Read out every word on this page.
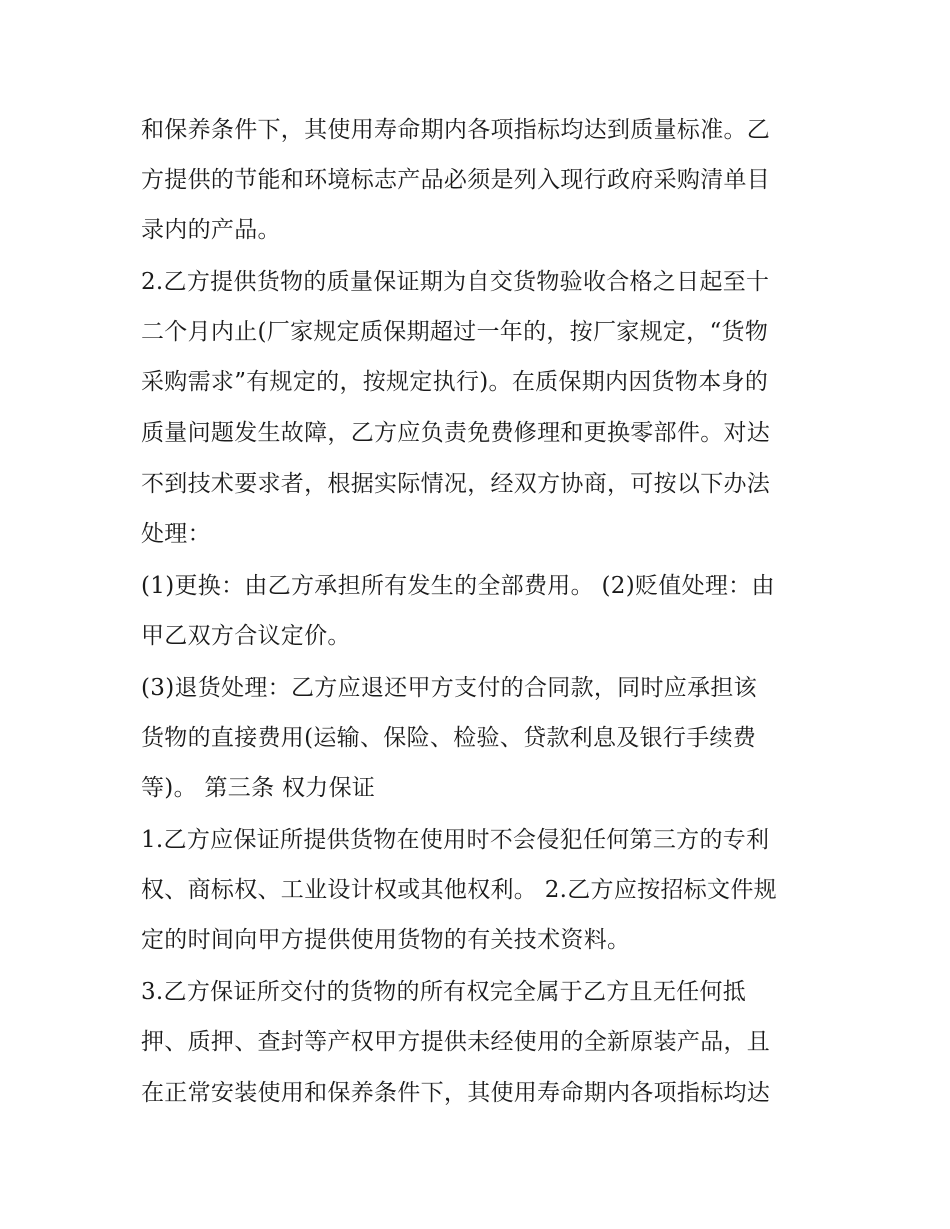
和保养条件下，其使用寿命期内各项指标均达到质量标准。乙
方提供的节能和环境标志产品必须是列入现行政府采购清单目
录内的产品。
2.乙方提供货物的质量保证期为自交货物验收合格之日起至十
二个月内止(厂家规定质保期超过一年的，按厂家规定，“货物
采购需求”有规定的，按规定执行)。在质保期内因货物本身的
质量问题发生故障，乙方应负责免费修理和更换零部件。对达
不到技术要求者，根据实际情况，经双方协商，可按以下办法
处理：
(1)更换：由乙方承担所有发生的全部费用。 (2)贬值处理：由
甲乙双方合议定价。
(3)退货处理：乙方应退还甲方支付的合同款，同时应承担该
货物的直接费用(运输、保险、检验、贷款利息及银行手续费
等)。 第三条 权力保证
1.乙方应保证所提供货物在使用时不会侵犯任何第三方的专利
权、商标权、工业设计权或其他权利。 2.乙方应按招标文件规
定的时间向甲方提供使用货物的有关技术资料。
3.乙方保证所交付的货物的所有权完全属于乙方且无任何抵
押、质押、查封等产权甲方提供未经使用的全新原装产品，且
在正常安装使用和保养条件下，其使用寿命期内各项指标均达
